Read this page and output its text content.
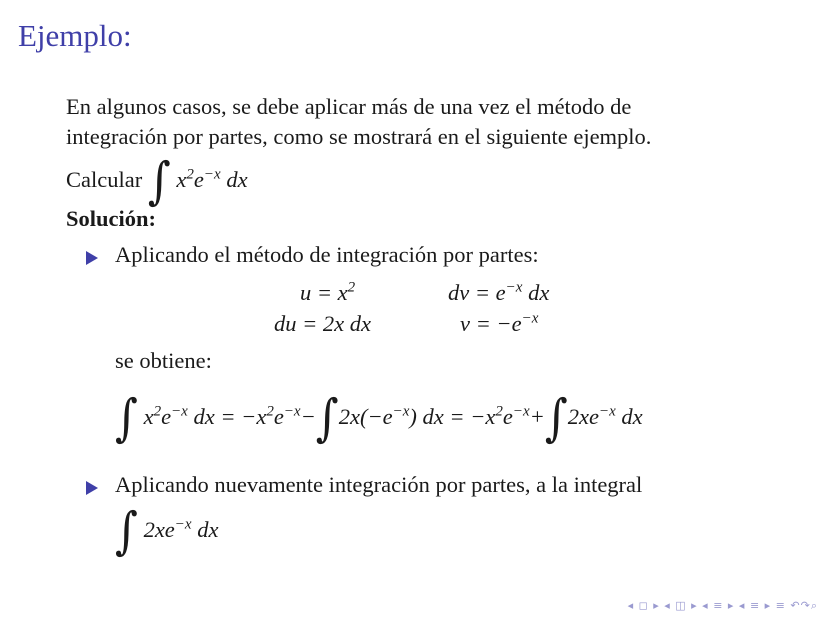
Ejemplo:
En algunos casos, se debe aplicar más de una vez el método de
integración por partes, como se mostrará en el siguiente ejemplo.
Calcular ∫ $x^2e^{-x}$ dx
Solución:
Aplicando el método de integración por partes:
$u = x^2$	dv = $e^{-x}$ dx
du = 2x dx	$v = -e^{-x}$
se obtiene:
∫ $x^2e^{-x}$ dx = $-x^2e^{-x}-\int 2x(-e^{-x})$ dx = $-x^2e^{-x}+\int 2xe^{-x}$ dx
Aplicando nuevamente integración por partes, a la integral
∫ $2xe^{-x}$ dx
◂ ◻ ▸ ◂ ◫ ▸ ◂ ≡ ▸ ◂ ≡ ▸ ≡ ↶↷⌕
